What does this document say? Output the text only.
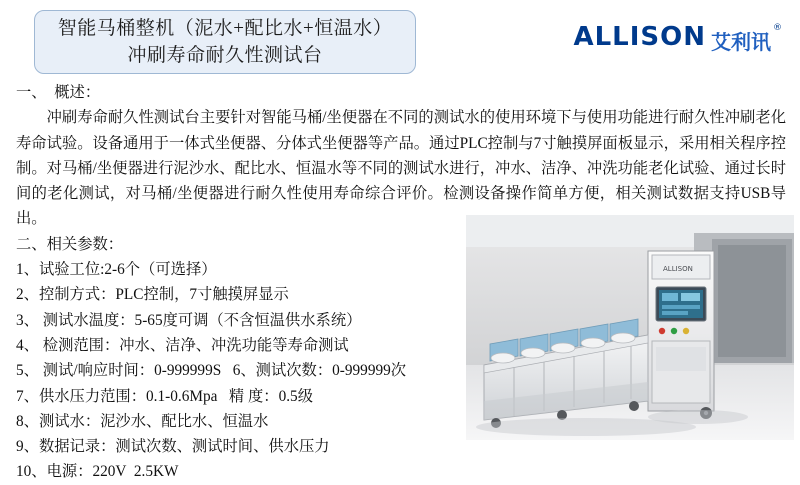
智能马桶整机（泥水+配比水+恒温水）
冲刷寿命耐久性测试台
ALLISON 艾利讯
®
一、  概述：

冲刷寿命耐久性测试台主要针对智能马桶/坐便器在不同的测试水的使用环境下与使用功能进行耐久性冲刷老化寿命试验。设备通用于一体式坐便器、分体式坐便器等产品。通过PLC控制与7寸触摸屏面板显示，采用相关程序控制。对马桶/坐便器进行泥沙水、配比水、恒温水等不同的测试水进行，冲水、洁净、冲洗功能老化试验、通过长时间的老化测试，对马桶/坐便器进行耐久性使用寿命综合评价。检测设备操作简单方便，相关测试数据支持USB导出。

二、相关参数：
1、试验工位:2-6个（可选择）
2、控制方式：PLC控制，7寸触摸屏显示
3、 测试水温度：5-65度可调（不含恒温供水系统）
4、 检测范围：冲水、洁净、冲洗功能等寿命测试
5、 测试/响应时间：0-999999S   6、测试次数：0-999999次
7、供水压力范围：0.1-0.6Mpa   精 度：0.5级
8、测试水：泥沙水、配比水、恒温水
9、数据记录：测试次数、测试时间、供水压力
10、电源：220V  2.5KW
ALLISON
